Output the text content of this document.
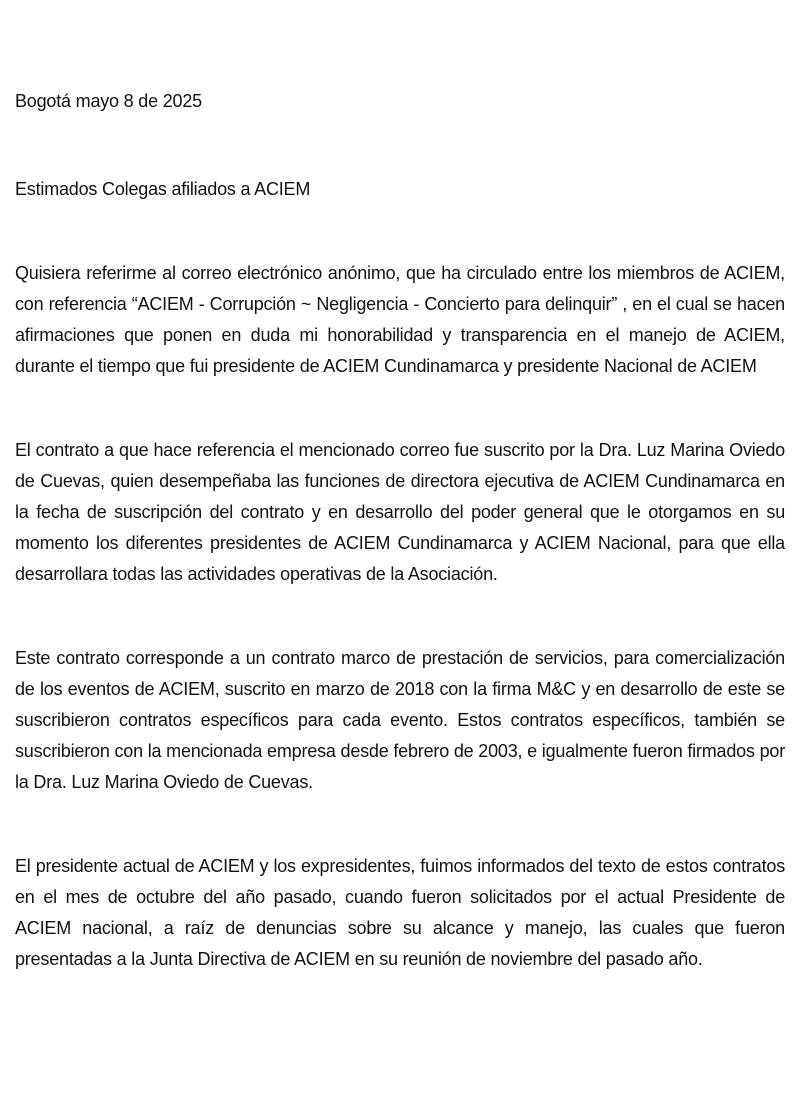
Bogotá mayo 8 de 2025

Estimados Colegas afiliados a ACIEM

Quisiera referirme al correo electrónico anónimo, que ha circulado entre los miembros de ACIEM, con referencia “ACIEM - Corrupción ~ Negligencia - Concierto para delinquir” , en el cual se hacen afirmaciones que ponen en duda mi honorabilidad y transparencia en el manejo de ACIEM, durante el tiempo que fui presidente de ACIEM Cundinamarca y presidente Nacional de ACIEM

El contrato a que hace referencia el mencionado correo fue suscrito por la Dra. Luz Marina Oviedo de Cuevas, quien desempeñaba las funciones de directora ejecutiva de ACIEM Cundinamarca en la fecha de suscripción del contrato y en desarrollo del poder general que le otorgamos en su momento los diferentes presidentes de ACIEM Cundinamarca y ACIEM Nacional, para que ella desarrollara todas las actividades operativas de la Asociación.

Este contrato corresponde a un contrato marco de prestación de servicios, para comercialización de los eventos de ACIEM, suscrito en marzo de 2018 con la firma M&C y en desarrollo de este se suscribieron contratos específicos para cada evento. Estos contratos específicos, también se suscribieron con la mencionada empresa desde febrero de 2003, e igualmente fueron firmados por la Dra. Luz Marina Oviedo de Cuevas.

El presidente actual de ACIEM y los expresidentes, fuimos informados del texto de estos contratos en el mes de octubre del año pasado, cuando fueron solicitados por el actual Presidente de ACIEM nacional, a raíz de denuncias sobre su alcance y manejo, las cuales que fueron presentadas a la Junta Directiva de ACIEM en su reunión de noviembre del pasado año.
